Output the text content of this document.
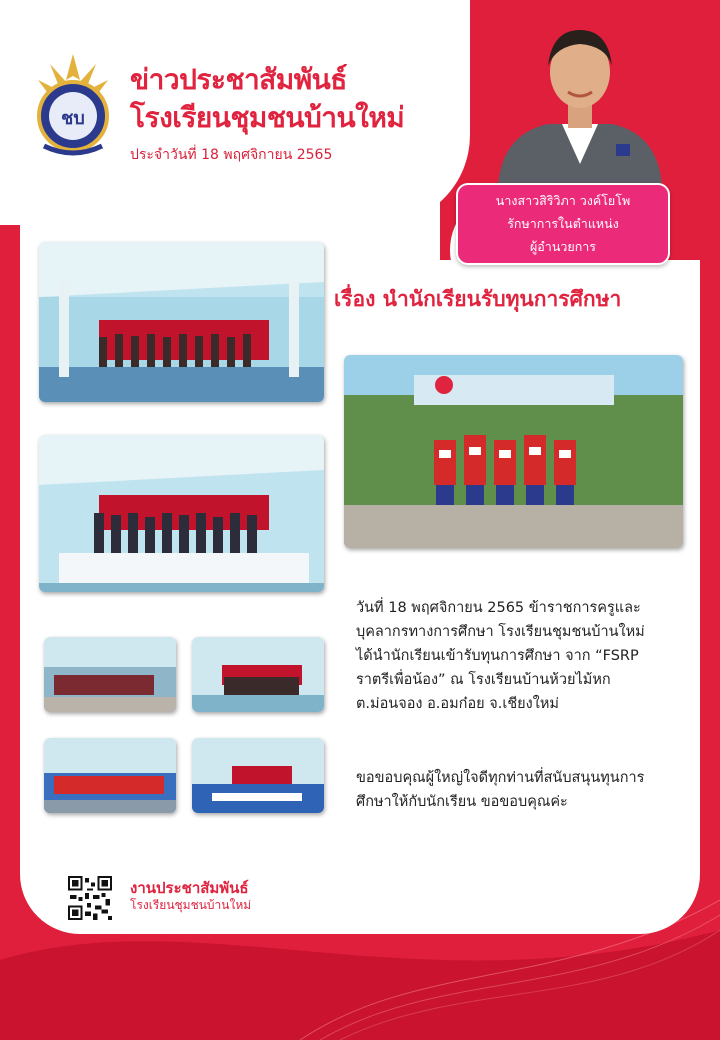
ชบ
ข่าวประชาสัมพันธ์
โรงเรียนชุมชนบ้านใหม่
ประจำวันที่ 18 พฤศจิกายน 2565
นางสาวสิริวิภา วงค์โยโพ
รักษาการในตำแหน่ง
ผู้อำนวยการ
เรื่อง นำนักเรียนรับทุนการศึกษา
วันที่ 18 พฤศจิกายน 2565 ข้าราชการครูและบุคลากรทางการศึกษา โรงเรียนชุมชนบ้านใหม่ ได้นำนักเรียนเข้ารับทุนการศึกษา จาก “FSRP ราตรีเพื่อน้อง” ณ โรงเรียนบ้านห้วยไม้หก ต.ม่อนจอง อ.อมก๋อย จ.เชียงใหม่
ขอขอบคุณผู้ใหญ่ใจดีทุกท่านที่สนับสนุนทุนการศึกษาให้กับนักเรียน ขอขอบคุณค่ะ
งานประชาสัมพันธ์
โรงเรียนชุมชนบ้านใหม่
